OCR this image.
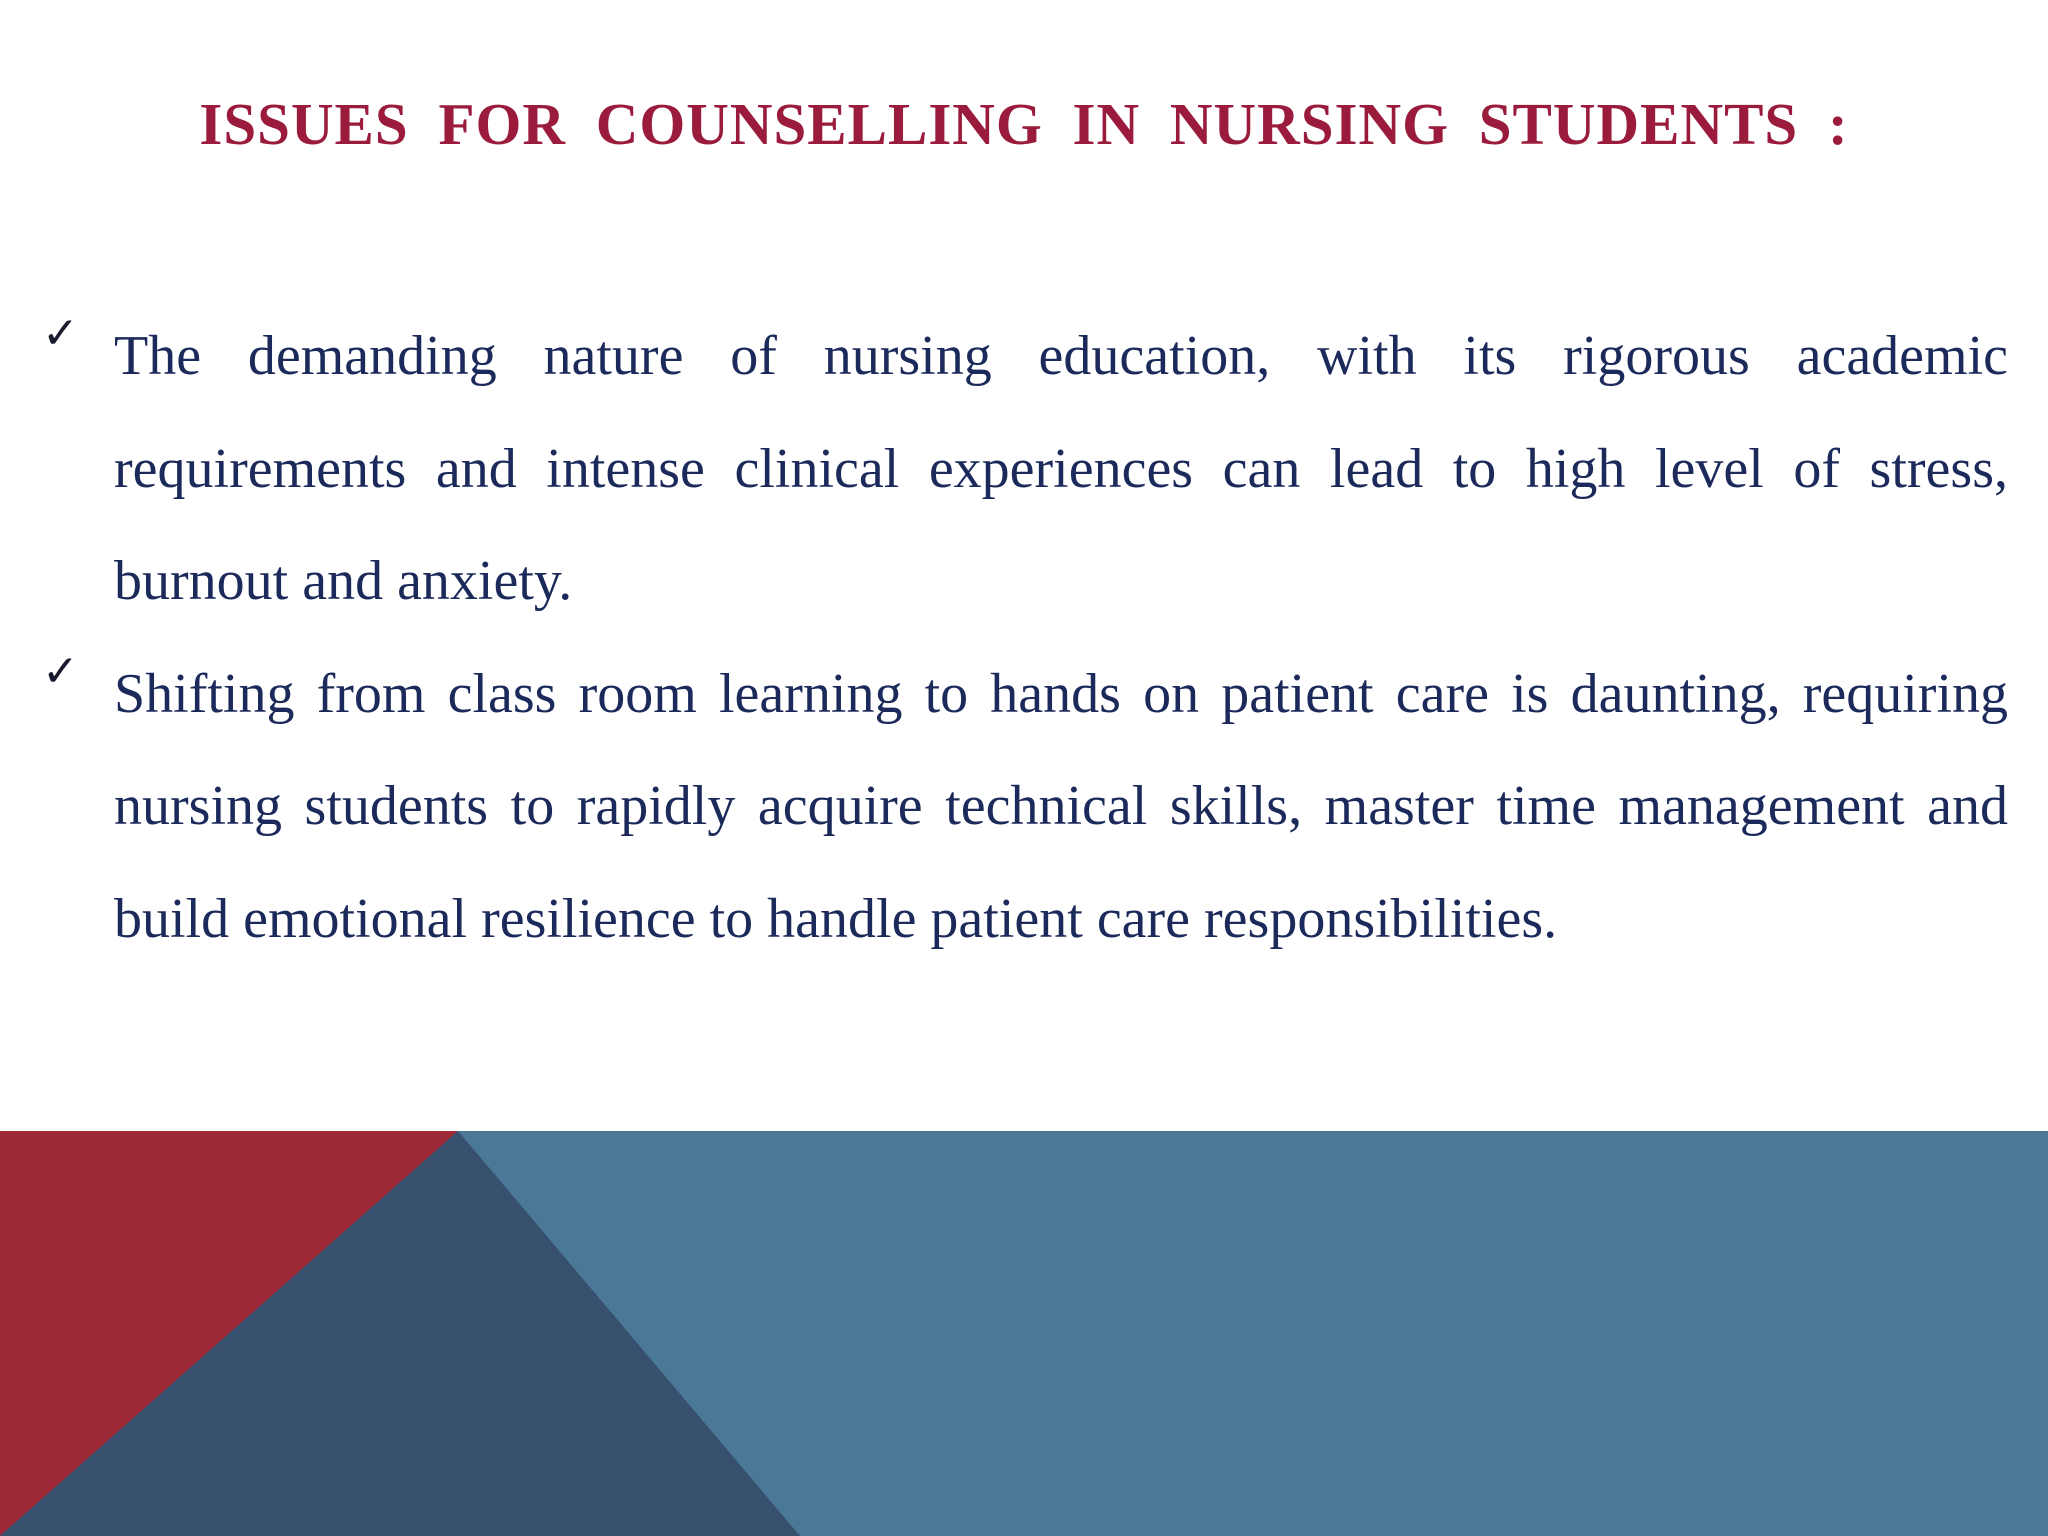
ISSUES FOR COUNSELLING IN NURSING STUDENTS :
✓ The demanding nature of nursing education, with its rigorous academic requirements and intense clinical experiences can lead to high level of stress, burnout and anxiety.
✓ Shifting from class room learning to hands on patient care is daunting, requiring nursing students to rapidly acquire technical skills, master time management and build emotional resilience to handle patient care responsibilities.
